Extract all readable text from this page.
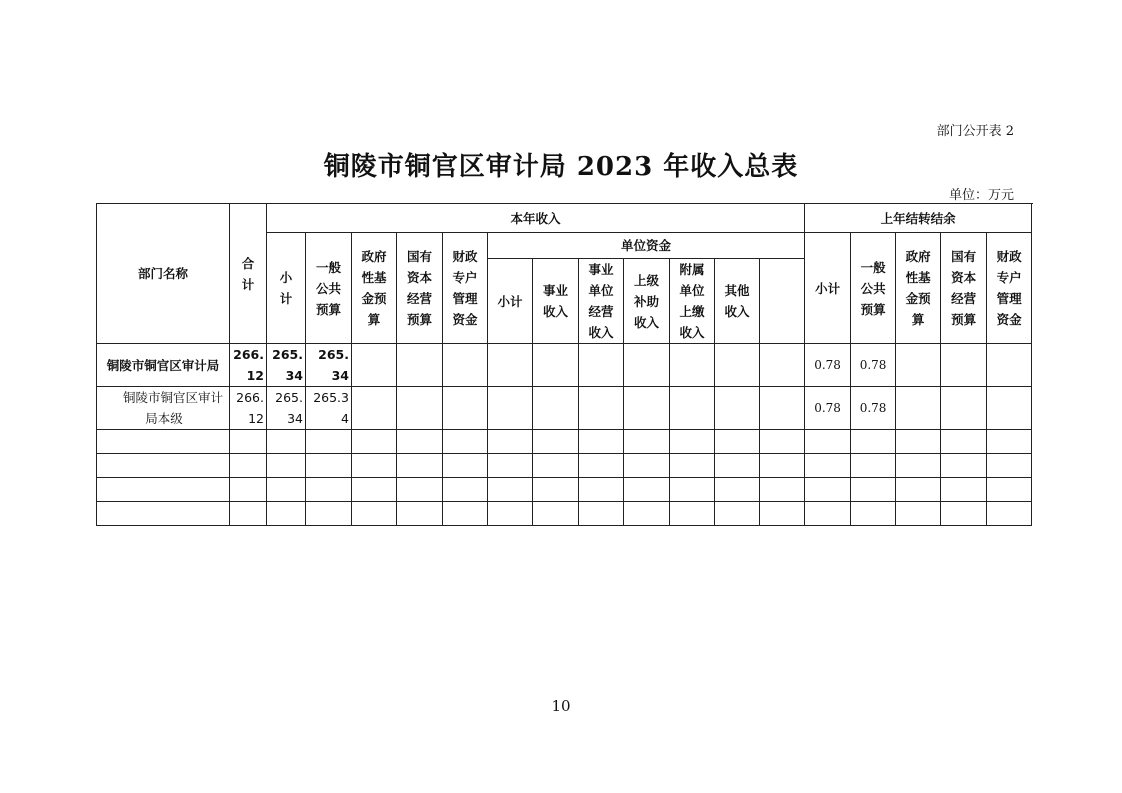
部门公开表 2
铜陵市铜官区审计局 2023 年收入总表
单位：万元
部门名称	合计	本年收入												上年结转结余					
		小计	一般公共预算	政府性基金预算	国有资本经营预算	财政专户管理资金	单位资金							小计	一般公共预算	政府性基金预算	国有资本经营预算	财政专户管理资金	
							小计	事业收入	事业单位经营收入	上级补助收入	附属单位上缴收入	其他收入							
铜陵市铜官区审计局	266.12	265.34	265.34											0.78	0.78				
铜陵市铜官区审计局本级	266.12	265.34	265.34											0.78	0.78				

10
